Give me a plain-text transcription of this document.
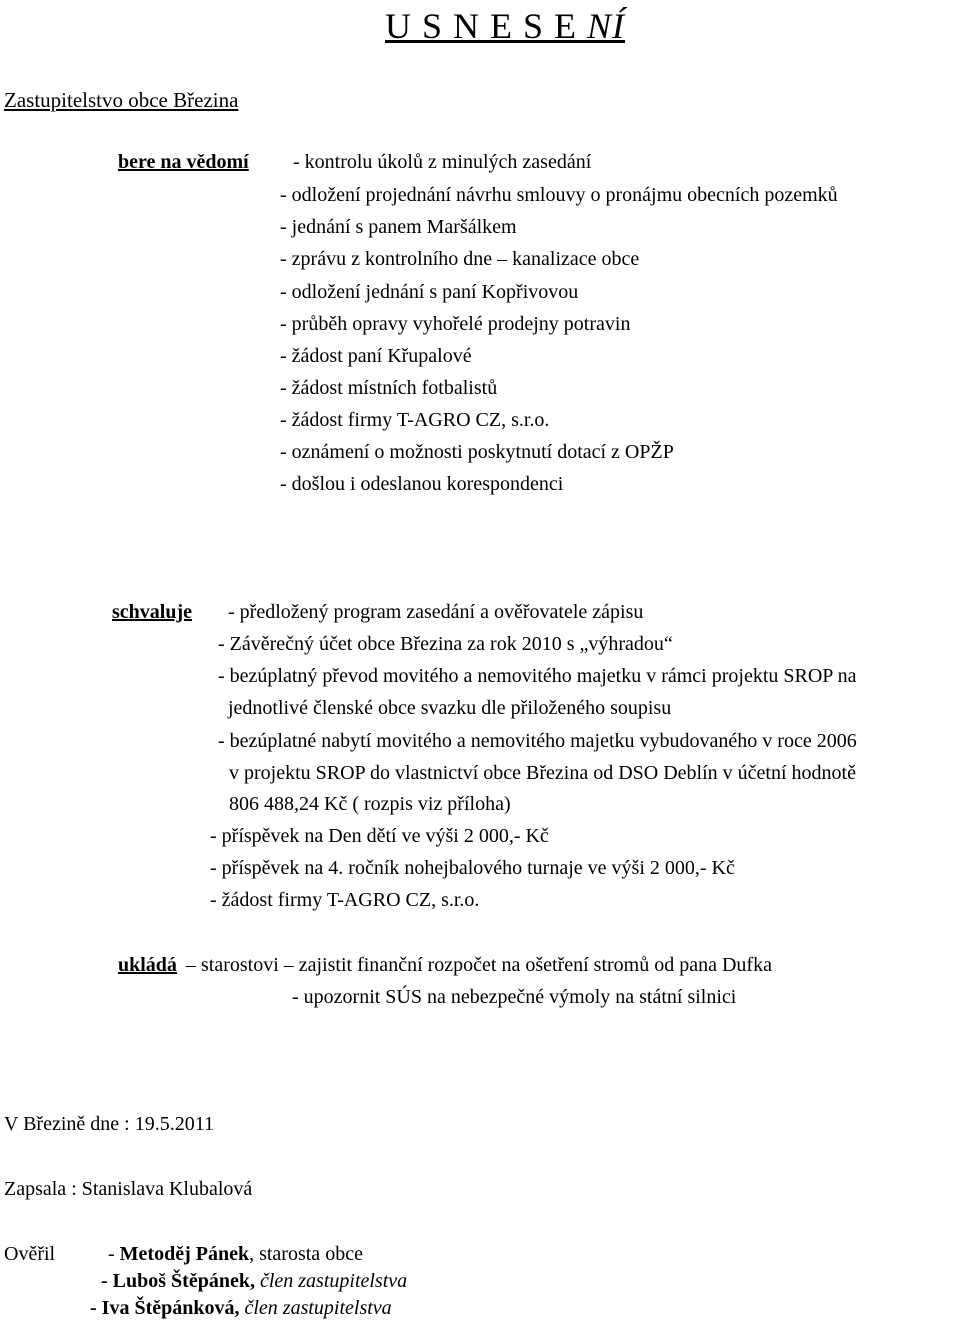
U S N E S E NÍ
Zastupitelstvo obce Březina
bere na vědomí - kontrolu úkolů z minulých zasedání
- odložení projednání návrhu smlouvy o pronájmu obecních pozemků
- jednání s panem Maršálkem
- zprávu z kontrolního dne – kanalizace obce
- odložení jednání s paní Kopřivovou
- průběh opravy vyhořelé prodejny potravin
- žádost paní Křupalové
- žádost místních fotbalistů
- žádost firmy T-AGRO CZ, s.r.o.
- oznámení o možnosti poskytnutí dotací z OPŽP
- došlou i odeslanou korespondenci
schvaluje - předložený program zasedání a ověřovatele zápisu
- Závěrečný účet obce Březina za rok 2010 s „výhradou“
- bezúplatný převod movitého a nemovitého majetku v rámci projektu SROP na
jednotlivé členské obce svazku dle přiloženého soupisu
- bezúplatné nabytí movitého a nemovitého majetku vybudovaného v roce 2006
v projektu SROP do vlastnictví obce Březina od DSO Deblín v účetní hodnotě
806 488,24 Kč ( rozpis viz příloha)
- příspěvek na Den dětí ve výši 2 000,- Kč
- příspěvek na 4. ročník nohejbalového turnaje ve výši 2 000,- Kč
- žádost firmy T-AGRO CZ, s.r.o.
ukládá – starostovi – zajistit finanční rozpočet na ošetření stromů od pana Dufka
- upozornit SÚS na nebezpečné výmoly na státní silnici
V Březině dne : 19.5.2011
Zapsala : Stanislava Klubalová
Ověřil	- Metoděj Pánek, starosta obce
- Luboš Štěpánek, člen zastupitelstva
- Iva Štěpánková, člen zastupitelstva
